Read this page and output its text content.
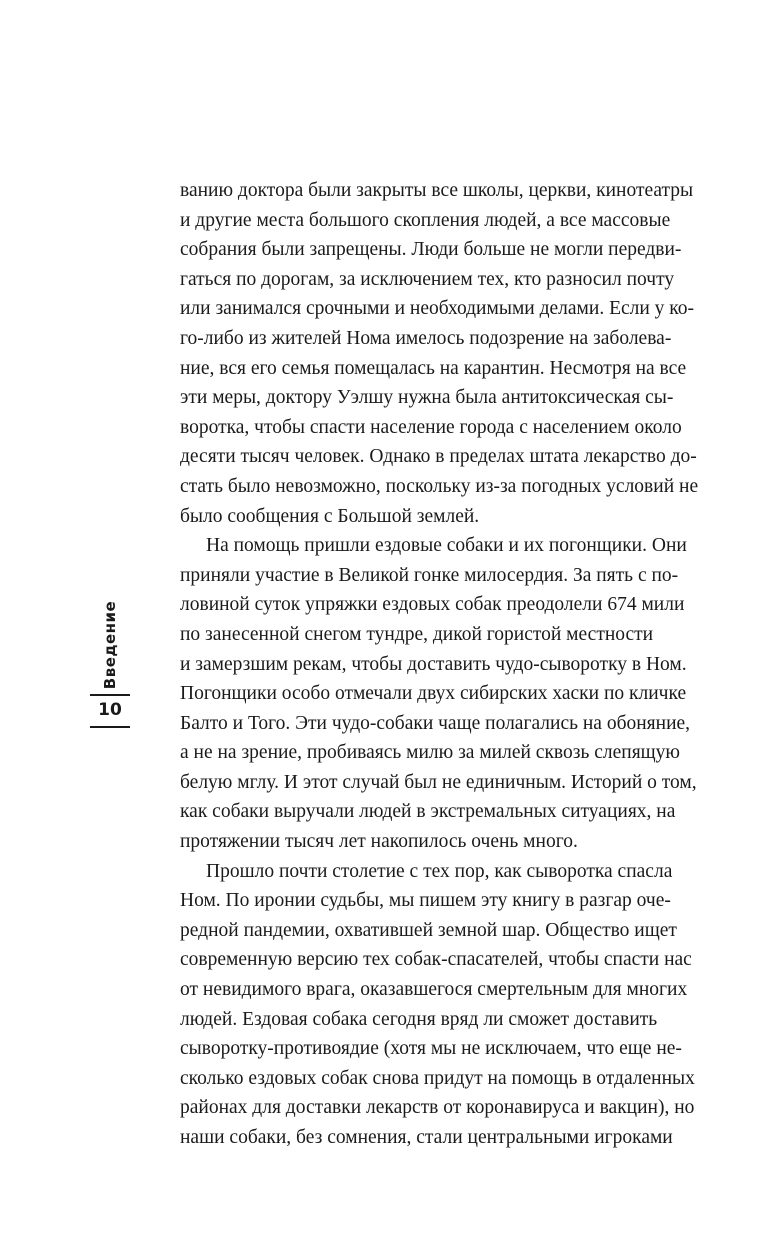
Введение
10
ванию доктора были закрыты все школы, церкви, кинотеатры
и другие места большого скопления людей, а все массовые
собрания были запрещены. Люди больше не могли передви-
гаться по дорогам, за исключением тех, кто разносил почту
или занимался срочными и необходимыми делами. Если у ко-
го-либо из жителей Нома имелось подозрение на заболева-
ние, вся его семья помещалась на карантин. Несмотря на все
эти меры, доктору Уэлшу нужна была антитоксическая сы-
воротка, чтобы спасти население города с населением около
десяти тысяч человек. Однако в пределах штата лекарство до-
стать было невозможно, поскольку из-за погодных условий не
было сообщения с Большой землей.
На помощь пришли ездовые собаки и их погонщики. Они
приняли участие в Великой гонке милосердия. За пять с по-
ловиной суток упряжки ездовых собак преодолели 674 мили
по занесенной снегом тундре, дикой гористой местности
и замерзшим рекам, чтобы доставить чудо-сыворотку в Ном.
Погонщики особо отмечали двух сибирских хаски по кличке
Балто и Того. Эти чудо-собаки чаще полагались на обоняние,
а не на зрение, пробиваясь милю за милей сквозь слепящую
белую мглу. И этот случай был не единичным. Историй о том,
как собаки выручали людей в экстремальных ситуациях, на
протяжении тысяч лет накопилось очень много.
Прошло почти столетие с тех пор, как сыворотка спасла
Ном. По иронии судьбы, мы пишем эту книгу в разгар оче-
редной пандемии, охватившей земной шар. Общество ищет
современную версию тех собак-спасателей, чтобы спасти нас
от невидимого врага, оказавшегося смертельным для многих
людей. Ездовая собака сегодня вряд ли сможет доставить
сыворотку-противоядие (хотя мы не исключаем, что еще не-
сколько ездовых собак снова придут на помощь в отдаленных
районах для доставки лекарств от коронавируса и вакцин), но
наши собаки, без сомнения, стали центральными игроками
